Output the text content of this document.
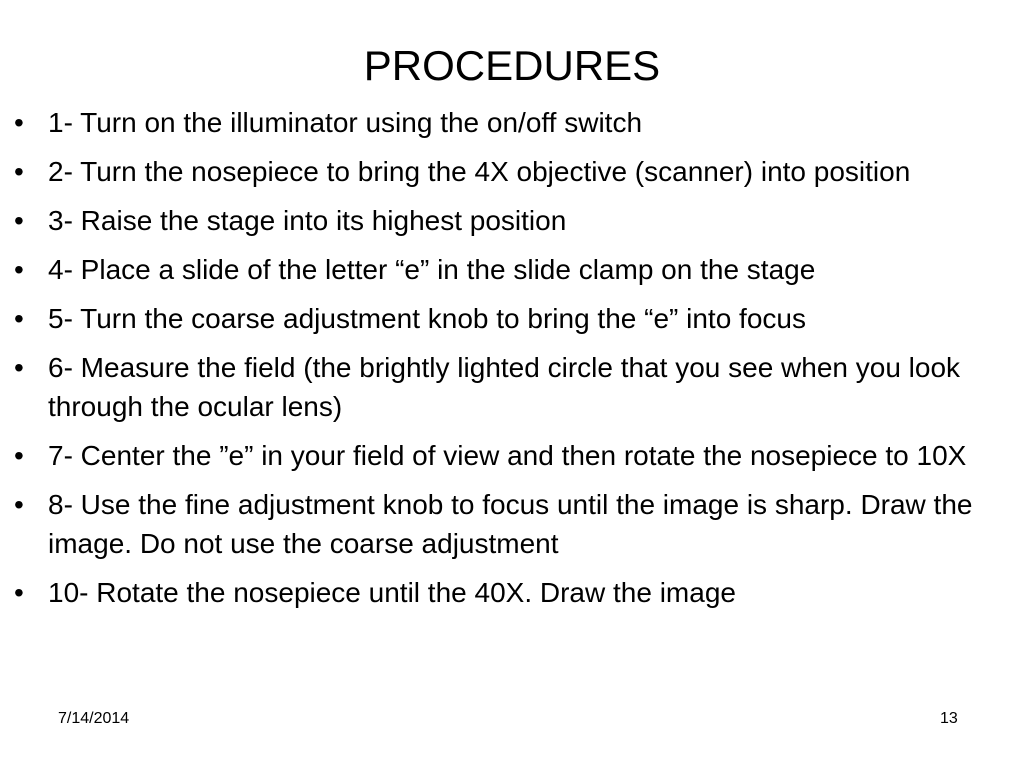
PROCEDURES
• 1- Turn on the illuminator using the on/off switch
• 2- Turn the nosepiece to bring the 4X objective (scanner) into position
• 3- Raise the stage into its highest position
• 4- Place a slide of the letter “e” in the slide clamp on the stage
• 5- Turn the coarse adjustment knob to bring the “e” into focus
• 6- Measure the field (the brightly lighted circle that you see when you look through the ocular lens)
• 7- Center the ”e” in your field of view and then rotate the nosepiece to 10X
• 8- Use the fine adjustment knob to focus until the image is sharp. Draw the image. Do not use the coarse adjustment
• 10- Rotate the nosepiece until the 40X. Draw the image
7/14/2014	13
